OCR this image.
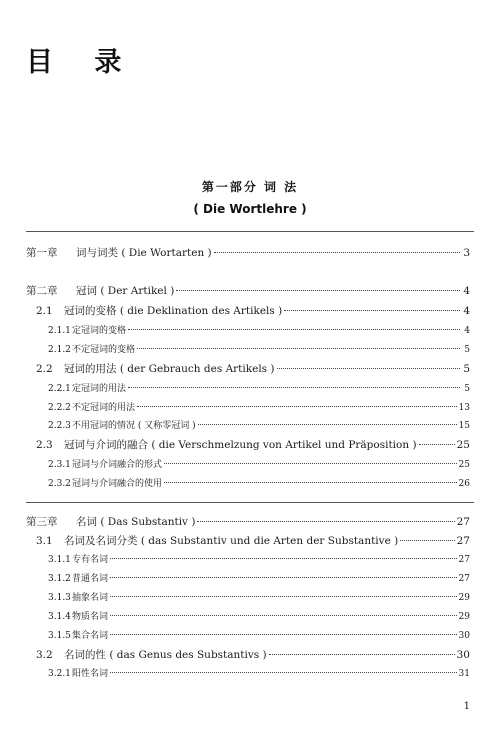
目 录
第一部分 词 法
( Die Wortlehre )
第一章	词与词类 ( Die Wortarten )	3
第二章	冠词 ( Der Artikel )	4
2.1	冠词的变格 ( die Deklination des Artikels )	4
2.1.1 定冠词的变格	4
2.1.2 不定冠词的变格	5
2.2	冠词的用法 ( der Gebrauch des Artikels )	5
2.2.1 定冠词的用法	5
2.2.2 不定冠词的用法	13
2.2.3 不用冠词的情况 ( 又称零冠词 )	15
2.3	冠词与介词的融合 ( die Verschmelzung von Artikel und Präposition )	25
2.3.1 冠词与介词融合的形式	25
2.3.2 冠词与介词融合的使用	26
第三章	名词 ( Das Substantiv )	27
3.1	名词及名词分类 ( das Substantiv und die Arten der Substantive )	27
3.1.1 专有名词	27
3.1.2 普通名词	27
3.1.3 抽象名词	29
3.1.4 物质名词	29
3.1.5 集合名词	30
3.2	名词的性 ( das Genus des Substantivs )	30
3.2.1 阳性名词	31
1
